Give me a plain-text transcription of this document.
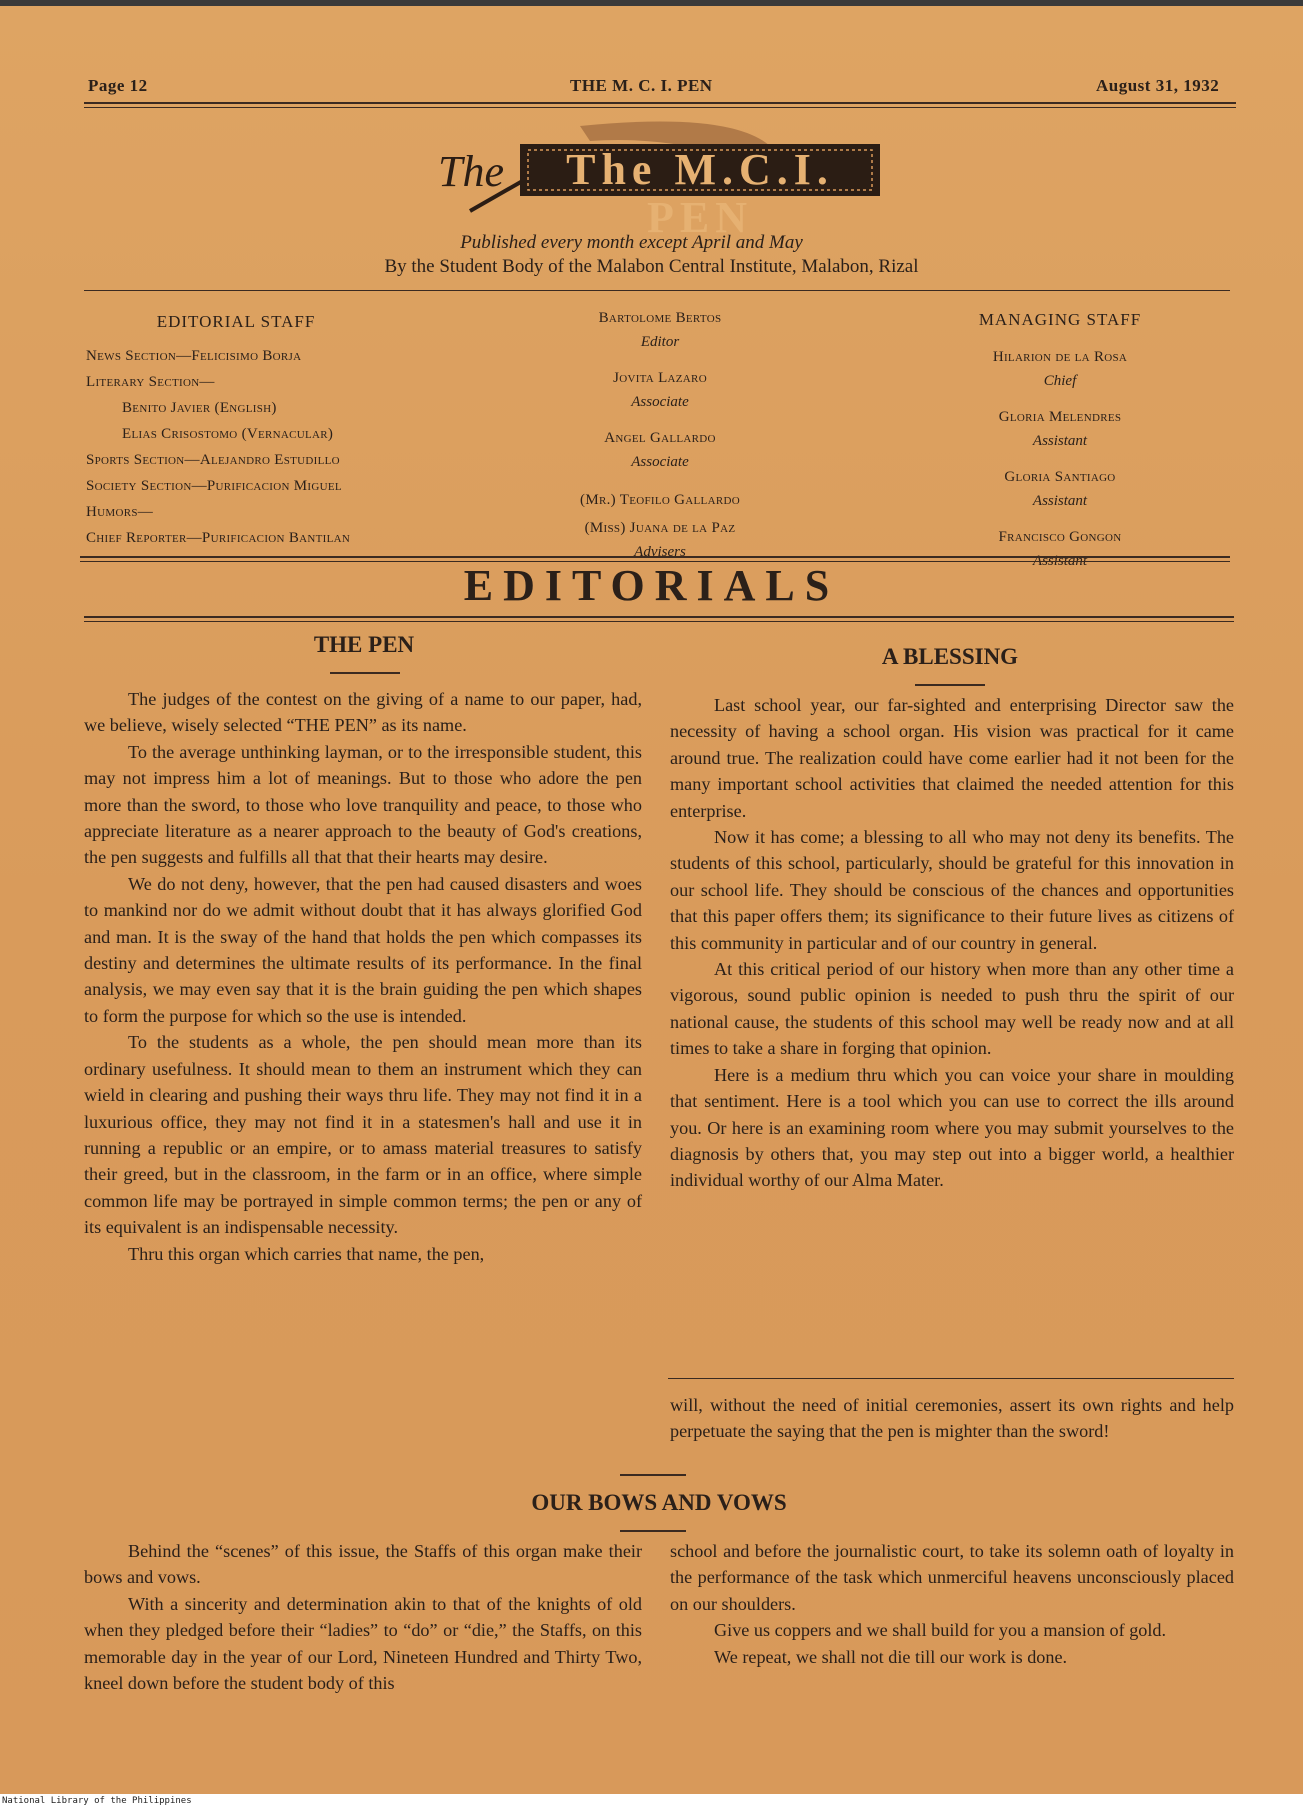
Page 12	THE M. C. I. PEN	August 31, 1932
The	The M.C.I. PEN
Published every month except April and May
By the Student Body of the Malabon Central Institute, Malabon, Rizal
EDITORIAL STAFF
News Section—Felicisimo Borja
Literary Section—
Benito Javier (English)
Elias Crisostomo (Vernacular)
Sports Section—Alejandro Estudillo
Society Section—Purificacion Miguel
Humors—
Chief Reporter—Purificacion Bantilan
Bartolome Bertos
Editor
Jovita Lazaro
Associate
Angel Gallardo
Associate
(Mr.) Teofilo Gallardo
(Miss) Juana de la Paz
Advisers
MANAGING STAFF
Hilarion de la Rosa
Chief
Gloria Melendres
Assistant
Gloria Santiago
Assistant
Francisco Gongon
Assistant
EDITORIALS
THE PEN

The judges of the contest on the giving of a name to our paper, had, we believe, wisely selected “THE PEN” as its name.

To the average unthinking layman, or to the irresponsible student, this may not impress him a lot of meanings. But to those who adore the pen more than the sword, to those who love tranquility and peace, to those who appreciate literature as a nearer approach to the beauty of God's creations, the pen suggests and fulfills all that that their hearts may desire.

We do not deny, however, that the pen had caused disasters and woes to mankind nor do we admit without doubt that it has always glorified God and man. It is the sway of the hand that holds the pen which compasses its destiny and determines the ultimate results of its performance. In the final analysis, we may even say that it is the brain guiding the pen which shapes to form the purpose for which so the use is intended.

To the students as a whole, the pen should mean more than its ordinary usefulness. It should mean to them an instrument which they can wield in clearing and pushing their ways thru life. They may not find it in a luxurious office, they may not find it in a statesmen's hall and use it in running a republic or an empire, or to amass material treasures to satisfy their greed, but in the classroom, in the farm or in an office, where simple common life may be portrayed in simple common terms; the pen or any of its equivalent is an indispensable necessity.

Thru this organ which carries that name, the pen,

A BLESSING

Last school year, our far-sighted and enterprising Director saw the necessity of having a school organ. His vision was practical for it came around true. The realization could have come earlier had it not been for the many important school activities that claimed the needed attention for this enterprise.

Now it has come; a blessing to all who may not deny its benefits. The students of this school, particularly, should be grateful for this innovation in our school life. They should be conscious of the chances and opportunities that this paper offers them; its significance to their future lives as citizens of this community in particular and of our country in general.

At this critical period of our history when more than any other time a vigorous, sound public opinion is needed to push thru the spirit of our national cause, the students of this school may well be ready now and at all times to take a share in forging that opinion.

Here is a medium thru which you can voice your share in moulding that sentiment. Here is a tool which you can use to correct the ills around you. Or here is an examining room where you may submit yourselves to the diagnosis by others that, you may step out into a bigger world, a healthier individual worthy of our Alma Mater.

will, without the need of initial ceremonies, assert its own rights and help perpetuate the saying that the pen is mighter than the sword!

OUR BOWS AND VOWS

Behind the “scenes” of this issue, the Staffs of this organ make their bows and vows.

With a sincerity and determination akin to that of the knights of old when they pledged before their “ladies” to “do” or “die,” the Staffs, on this memorable day in the year of our Lord, Nineteen Hundred and Thirty Two, kneel down before the student body of this

school and before the journalistic court, to take its solemn oath of loyalty in the performance of the task which unmerciful heavens unconsciously placed on our shoulders.

Give us coppers and we shall build for you a mansion of gold.

We repeat, we shall not die till our work is done.

National Library of the Philippines
